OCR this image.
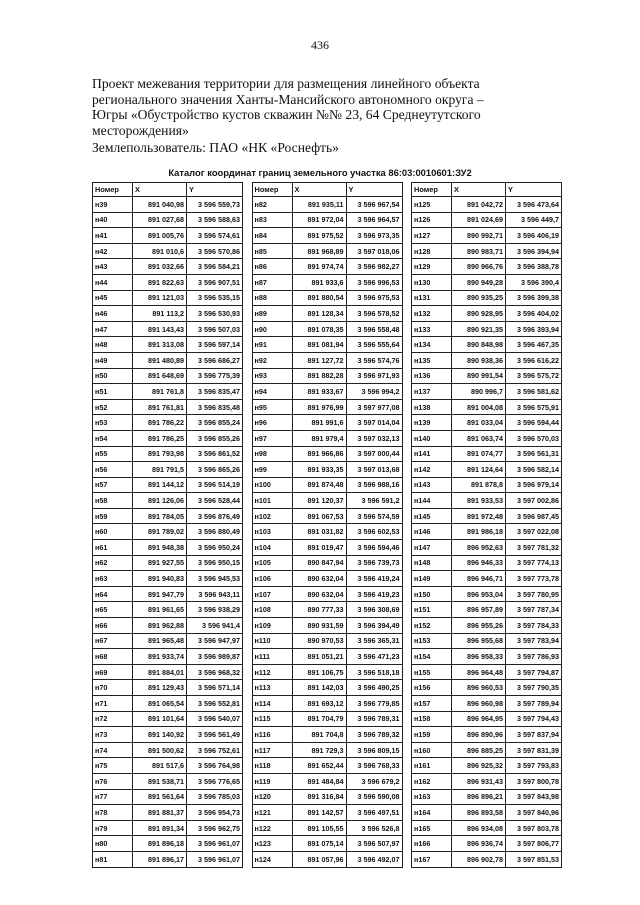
436
Проект межевания территории для размещения линейного объекта
регионального значения Ханты-Мансийского автономного округа –
Югры «Обустройство кустов скважин №№ 23, 64 Среднеутутского
месторождения»
Землепользователь: ПАО «НК «Роснефть»
Каталог координат границ земельного участка 86:03:0010601:ЗУ2
Номер	X	Y
н39	891 040,98	3 596 559,73
н40	891 027,68	3 596 588,63
н41	891 005,76	3 596 574,61
н42	891 010,6	3 596 570,86
н43	891 032,66	3 596 584,21
н44	891 822,63	3 596 907,51
н45	891 121,03	3 596 535,15
н46	891 113,2	3 596 530,93
н47	891 143,43	3 596 507,03
н48	891 313,08	3 596 597,14
н49	891 480,89	3 596 686,27
н50	891 648,69	3 596 775,39
н51	891 761,8	3 596 835,47
н52	891 761,81	3 596 835,48
н53	891 786,22	3 596 855,24
н54	891 786,25	3 596 855,26
н55	891 793,98	3 596 861,52
н56	891 791,5	3 596 865,26
н57	891 144,12	3 596 514,19
н58	891 126,06	3 596 528,44
н59	891 784,05	3 596 876,49
н60	891 789,02	3 596 880,49
н61	891 948,38	3 596 950,24
н62	891 927,55	3 596 950,15
н63	891 940,83	3 596 945,53
н64	891 947,79	3 596 943,11
н65	891 961,65	3 596 938,29
н66	891 962,88	3 596 941,4
н67	891 965,48	3 596 947,97
н68	891 933,74	3 596 989,87
н69	891 884,01	3 596 968,32
н70	891 129,43	3 596 571,14
н71	891 065,54	3 596 552,81
н72	891 101,64	3 596 540,07
н73	891 140,92	3 596 561,49
н74	891 500,62	3 596 752,61
н75	891 517,6	3 596 764,98
н76	891 538,71	3 596 776,65
н77	891 561,64	3 596 785,03
н78	891 881,37	3 596 954,73
н79	891 891,34	3 596 962,75
н80	891 896,18	3 596 961,07
н81	891 896,17	3 596 961,07
Номер	X	Y
н82	891 935,11	3 596 967,54
н83	891 972,04	3 596 964,57
н84	891 975,52	3 596 973,35
н85	891 968,89	3 597 018,06
н86	891 974,74	3 596 982,27
н87	891 933,6	3 596 996,53
н88	891 880,54	3 596 975,53
н89	891 128,34	3 596 578,52
н90	891 078,35	3 596 558,48
н91	891 081,94	3 596 555,64
н92	891 127,72	3 596 574,76
н93	891 882,28	3 596 971,93
н94	891 933,67	3 596 994,2
н95	891 976,99	3 597 977,08
н96	891 991,6	3 597 014,04
н97	891 979,4	3 597 032,13
н98	891 966,86	3 597 000,44
н99	891 933,35	3 597 013,68
н100	891 874,48	3 596 988,16
н101	891 120,37	3 596 591,2
н102	891 067,53	3 596 574,59
н103	891 031,82	3 596 602,53
н104	891 019,47	3 596 594,46
н105	890 847,94	3 596 739,73
н106	890 632,04	3 596 419,24
н107	890 632,04	3 596 419,23
н108	890 777,33	3 596 308,69
н109	890 931,59	3 596 394,49
н110	890 970,53	3 596 365,31
н111	891 051,21	3 596 471,23
н112	891 106,75	3 596 518,18
н113	891 142,03	3 596 490,25
н114	891 693,12	3 596 779,85
н115	891 704,79	3 596 789,31
н116	891 704,8	3 596 789,32
н117	891 729,3	3 596 809,15
н118	891 652,44	3 596 768,33
н119	891 484,84	3 596 679,2
н120	891 316,84	3 596 590,08
н121	891 142,57	3 596 497,51
н122	891 105,55	3 596 526,8
н123	891 075,14	3 596 507,97
н124	891 057,96	3 596 492,07
Номер	X	Y
н125	891 042,72	3 596 473,64
н126	891 024,69	3 596 449,7
н127	890 992,71	3 596 406,19
н128	890 983,71	3 596 394,94
н129	890 966,76	3 596 388,78
н130	890 949,28	3 596 390,4
н131	890 935,25	3 596 399,38
н132	890 928,95	3 596 404,02
н133	890 921,35	3 596 393,94
н134	890 848,98	3 596 467,35
н135	890 938,36	3 596 616,22
н136	890 991,54	3 596 575,72
н137	890 996,7	3 596 581,62
н138	891 004,08	3 596 575,91
н139	891 033,04	3 596 594,44
н140	891 063,74	3 596 570,03
н141	891 074,77	3 596 561,31
н142	891 124,64	3 596 582,14
н143	891 878,8	3 596 979,14
н144	891 933,53	3 597 002,86
н145	891 972,48	3 596 987,45
н146	891 986,18	3 597 022,08
н147	896 952,63	3 597 781,32
н148	896 946,33	3 597 774,13
н149	896 946,71	3 597 773,78
н150	896 953,04	3 597 780,95
н151	896 957,89	3 597 787,34
н152	896 955,26	3 597 784,33
н153	896 955,68	3 597 783,94
н154	896 958,33	3 597 786,93
н155	896 964,48	3 597 794,87
н156	896 960,53	3 597 790,35
н157	896 960,98	3 597 789,94
н158	896 964,95	3 597 794,43
н159	896 890,96	3 597 837,94
н160	896 885,25	3 597 831,39
н161	896 925,32	3 597 793,83
н162	896 931,43	3 597 800,78
н163	896 896,21	3 597 843,98
н164	896 893,58	3 597 840,96
н165	896 934,08	3 597 803,78
н166	896 936,74	3 597 806,77
н167	896 902,78	3 597 851,53
